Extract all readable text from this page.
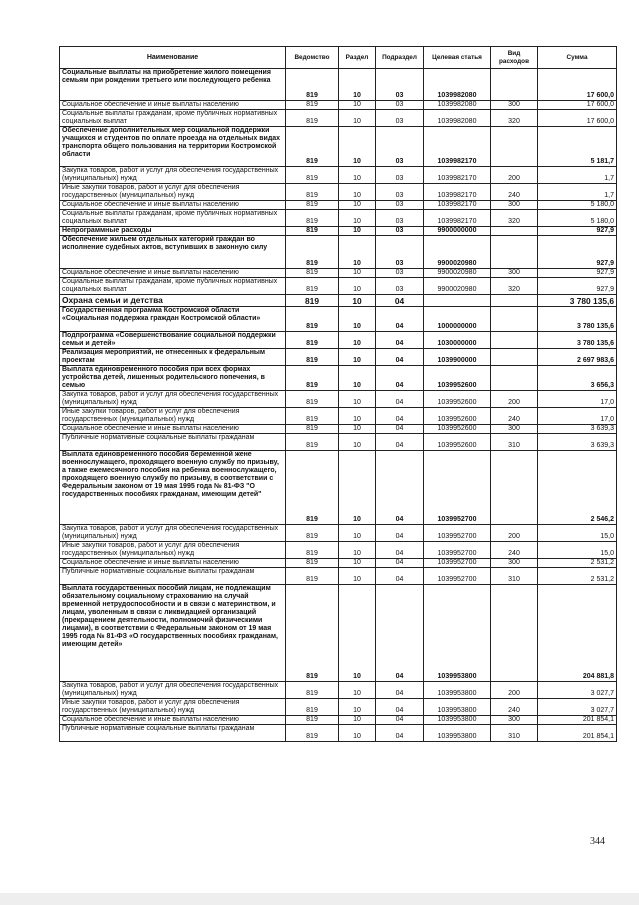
Наименование	Ведомство	Раздел	Подраздел	Целевая статья	Вид расходов	Сумма
Социальные выплаты на приобретение жилого помещения семьям при рождении третьего или последующего ребенка	819	10	03	1039982080		17 600,0
Социальное обеспечение и иные выплаты населению	819	10	03	1039982080	300	17 600,0
Социальные выплаты гражданам, кроме публичных нормативных социальных выплат	819	10	03	1039982080	320	17 600,0
Обеспечение дополнительных мер социальной поддержки учащихся и студентов по оплате проезда на отдельных видах транспорта общего пользования на территории Костромской области	819	10	03	1039982170		5 181,7
Закупка товаров, работ и услуг для обеспечения государственных (муниципальных) нужд	819	10	03	1039982170	200	1,7
Иные закупки товаров, работ и услуг для обеспечения государственных (муниципальных) нужд	819	10	03	1039982170	240	1,7
Социальное обеспечение и иные выплаты населению	819	10	03	1039982170	300	5 180,0
Социальные выплаты гражданам, кроме публичных нормативных социальных выплат	819	10	03	1039982170	320	5 180,0
Непрограммные расходы	819	10	03	9900000000		927,9
Обеспечение жильем отдельных категорий граждан во исполнение судебных актов, вступивших в законную силу	819	10	03	9900020980		927,9
Социальное обеспечение и иные выплаты населению	819	10	03	9900020980	300	927,9
Социальные выплаты гражданам, кроме публичных нормативных социальных выплат	819	10	03	9900020980	320	927,9
Охрана семьи и детства	819	10	04			3 780 135,6
Государственная программа Костромской области «Социальная поддержка граждан Костромской области»	819	10	04	1000000000		3 780 135,6
Подпрограмма «Совершенствование социальной поддержки семьи и детей»	819	10	04	1030000000		3 780 135,6
Реализация мероприятий, не отнесенных к федеральным проектам	819	10	04	1039900000		2 697 983,6
Выплата единовременного пособия при всех формах устройства детей, лишенных родительского попечения, в семью	819	10	04	1039952600		3 656,3
Закупка товаров, работ и услуг для обеспечения государственных (муниципальных) нужд	819	10	04	1039952600	200	17,0
Иные закупки товаров, работ и услуг для обеспечения государственных (муниципальных) нужд	819	10	04	1039952600	240	17,0
Социальное обеспечение и иные выплаты населению	819	10	04	1039952600	300	3 639,3
Публичные нормативные социальные выплаты гражданам	819	10	04	1039952600	310	3 639,3
Выплата единовременного пособия беременной жене военнослужащего, проходящего военную службу по призыву, а также ежемесячного пособия на ребенка военнослужащего, проходящего военную службу по призыву, в соответствии с Федеральным законом от 19 мая 1995 года № 81-ФЗ "О государственных пособиях гражданам, имеющим детей"	819	10	04	1039952700		2 546,2
Закупка товаров, работ и услуг для обеспечения государственных (муниципальных) нужд	819	10	04	1039952700	200	15,0
Иные закупки товаров, работ и услуг для обеспечения государственных (муниципальных) нужд	819	10	04	1039952700	240	15,0
Социальное обеспечение и иные выплаты населению	819	10	04	1039952700	300	2 531,2
Публичные нормативные социальные выплаты гражданам	819	10	04	1039952700	310	2 531,2
Выплата государственных пособий лицам, не подлежащим обязательному социальному страхованию на случай временной нетрудоспособности и в связи с материнством, и лицам, уволенным в связи с ликвидацией организаций (прекращением деятельности, полномочий физическими лицами), в соответствии с Федеральным законом от 19 мая 1995 года № 81-ФЗ «О государственных пособиях гражданам, имеющим детей»	819	10	04	1039953800		204 881,8
Закупка товаров, работ и услуг для обеспечения государственных (муниципальных) нужд	819	10	04	1039953800	200	3 027,7
Иные закупки товаров, работ и услуг для обеспечения государственных (муниципальных) нужд	819	10	04	1039953800	240	3 027,7
Социальное обеспечение и иные выплаты населению	819	10	04	1039953800	300	201 854,1
Публичные нормативные социальные выплаты гражданам	819	10	04	1039953800	310	201 854,1
344
